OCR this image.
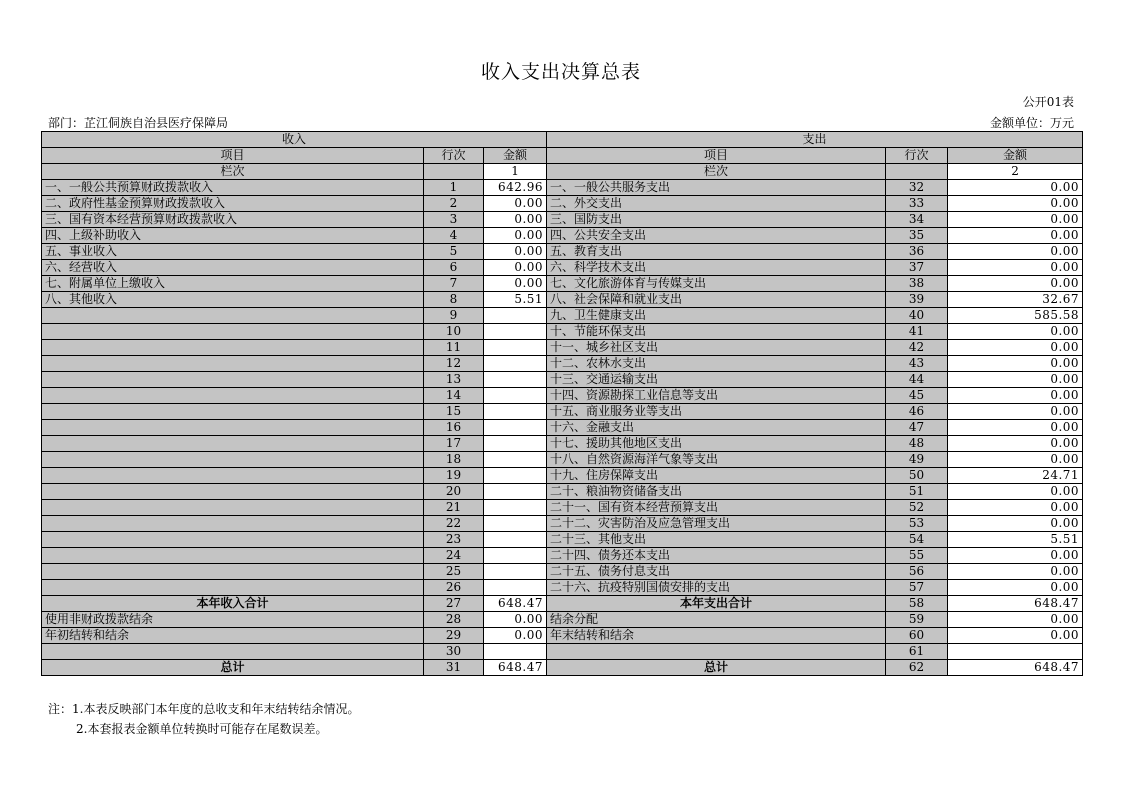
收入支出决算总表
公开01表
部门：芷江侗族自治县医疗保障局	金额单位：万元
收入			支出		
项目	行次	金额	项目	行次	金额
栏次		1	栏次		2
一、一般公共预算财政拨款收入	1	642.96	一、一般公共服务支出	32	0.00
二、政府性基金预算财政拨款收入	2	0.00	二、外交支出	33	0.00
三、国有资本经营预算财政拨款收入	3	0.00	三、国防支出	34	0.00
四、上级补助收入	4	0.00	四、公共安全支出	35	0.00
五、事业收入	5	0.00	五、教育支出	36	0.00
六、经营收入	6	0.00	六、科学技术支出	37	0.00
七、附属单位上缴收入	7	0.00	七、文化旅游体育与传媒支出	38	0.00
八、其他收入	8	5.51	八、社会保障和就业支出	39	32.67
	9		九、卫生健康支出	40	585.58
	10		十、节能环保支出	41	0.00
	11		十一、城乡社区支出	42	0.00
	12		十二、农林水支出	43	0.00
	13		十三、交通运输支出	44	0.00
	14		十四、资源勘探工业信息等支出	45	0.00
	15		十五、商业服务业等支出	46	0.00
	16		十六、金融支出	47	0.00
	17		十七、援助其他地区支出	48	0.00
	18		十八、自然资源海洋气象等支出	49	0.00
	19		十九、住房保障支出	50	24.71
	20		二十、粮油物资储备支出	51	0.00
	21		二十一、国有资本经营预算支出	52	0.00
	22		二十二、灾害防治及应急管理支出	53	0.00
	23		二十三、其他支出	54	5.51
	24		二十四、债务还本支出	55	0.00
	25		二十五、债务付息支出	56	0.00
	26		二十六、抗疫特别国债安排的支出	57	0.00
本年收入合计	27	648.47	本年支出合计	58	648.47
使用非财政拨款结余	28	0.00	结余分配	59	0.00
年初结转和结余	29	0.00	年末结转和结余	60	0.00
	30			61	
总计	31	648.47	总计	62	648.47
注：1.本表反映部门本年度的总收支和年末结转结余情况。
2.本套报表金额单位转换时可能存在尾数误差。
